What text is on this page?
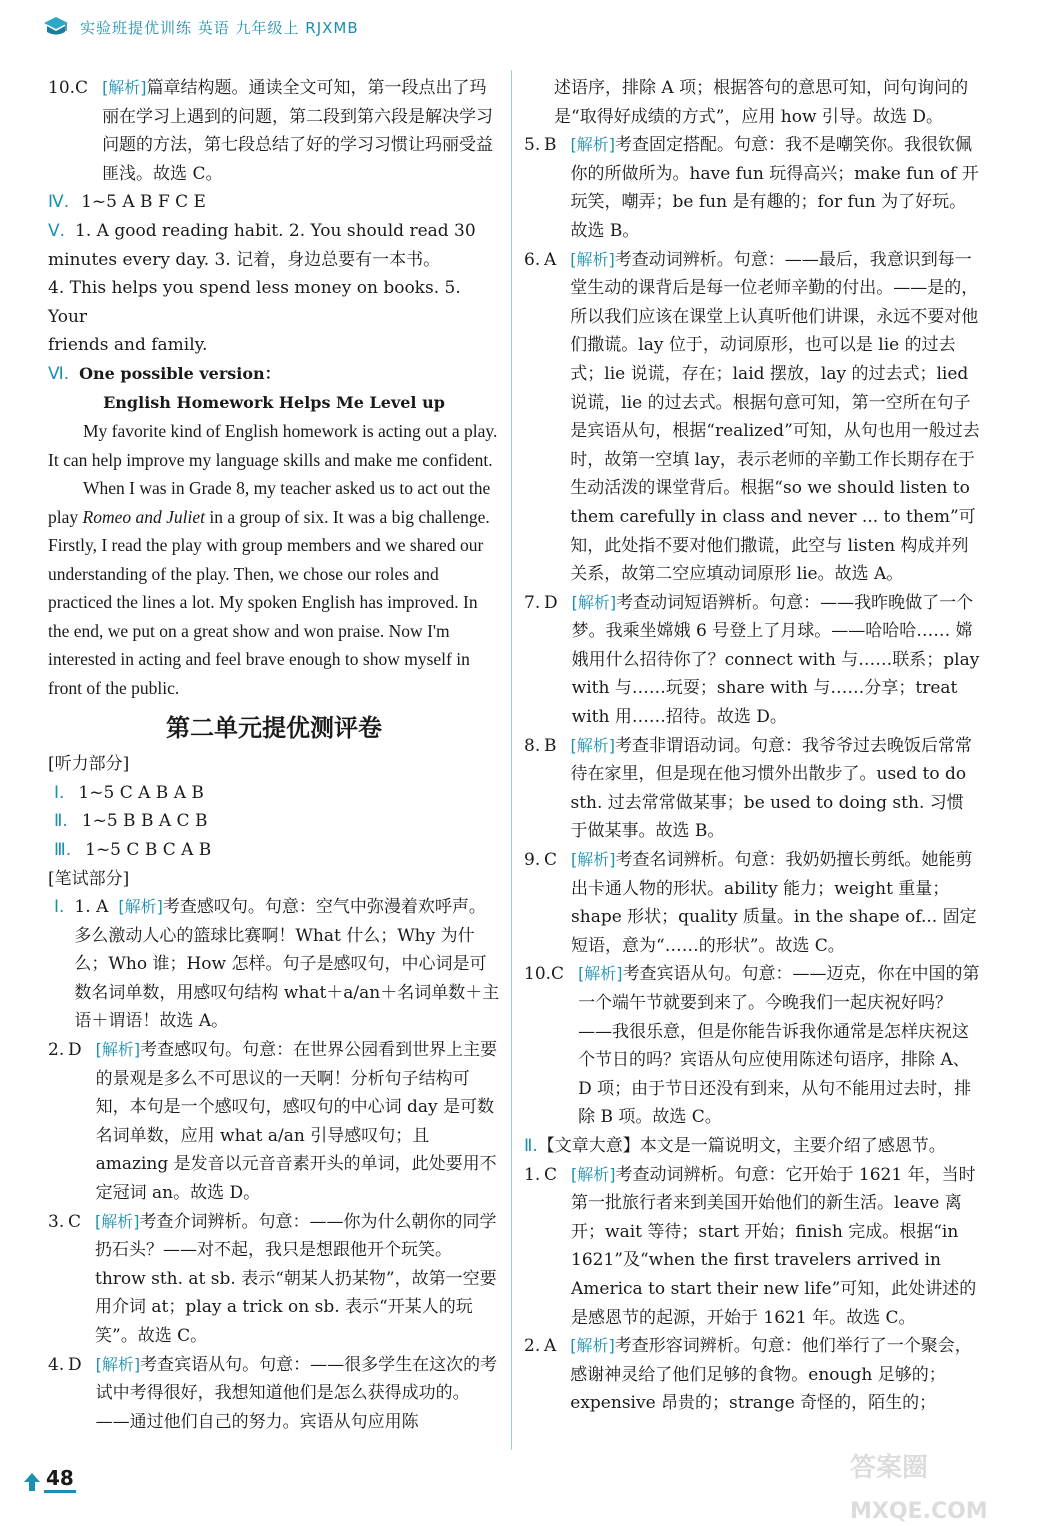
实验班提优训练 英语 九年级上 RJXMB
10. C [解析]篇章结构题。通读全文可知，第一段点出了玛丽在学习上遇到的问题，第二段到第六段是解决学习问题的方法，第七段总结了好的学习习惯让玛丽受益匪浅。故选 C。
Ⅳ. 1~5 A B F C E
Ⅴ. 1. A good reading habit. 2. You should read 30
minutes every day. 3. 记着，身边总要有一本书。
4. This helps you spend less money on books. 5. Your
friends and family.
Ⅵ. One possible version：
English Homework Helps Me Level up

My favorite kind of English homework is acting out a play. It can help improve my language skills and make me confident.

When I was in Grade 8, my teacher asked us to act out the play Romeo and Juliet in a group of six. It was a big challenge. Firstly, I read the play with group members and we shared our understanding of the play. Then, we chose our roles and practiced the lines a lot. My spoken English has improved. In the end, we put on a great show and won praise. Now I'm interested in acting and feel brave enough to show myself in front of the public.

第二单元提优测评卷
[听力部分]
Ⅰ. 1~5 C A B A B
Ⅱ. 1~5 B B A C B
Ⅲ. 1~5 C B C A B
[笔试部分]
Ⅰ. 1. A [解析]考查感叹句。句意：空气中弥漫着欢呼声。多么激动人心的篮球比赛啊！What 什么；Why 为什么；Who 谁；How 怎样。句子是感叹句，中心词是可数名词单数，用感叹句结构 what＋a/an＋名词单数＋主语＋谓语！故选 A。
2. D [解析]考查感叹句。句意：在世界公园看到世界上主要的景观是多么不可思议的一天啊！分析句子结构可知，本句是一个感叹句，感叹句的中心词 day 是可数名词单数，应用 what a/an 引导感叹句；且 amazing 是发音以元音音素开头的单词，此处要用不定冠词 an。故选 D。
3. C [解析]考查介词辨析。句意：——你为什么朝你的同学扔石头？——对不起，我只是想跟他开个玩笑。throw sth. at sb. 表示“朝某人扔某物”，故第一空要用介词 at；play a trick on sb. 表示“开某人的玩笑”。故选 C。
4. D [解析]考查宾语从句。句意：——很多学生在这次的考试中考得很好，我想知道他们是怎么获得成功的。——通过他们自己的努力。宾语从句应用陈
述语序，排除 A 项；根据答句的意思可知，问句询问的是“取得好成绩的方式”，应用 how 引导。故选 D。
5. B [解析]考查固定搭配。句意：我不是嘲笑你。我很钦佩你的所做所为。have fun 玩得高兴；make fun of 开玩笑，嘲弄；be fun 是有趣的；for fun 为了好玩。故选 B。
6. A [解析]考查动词辨析。句意：——最后，我意识到每一堂生动的课背后是每一位老师辛勤的付出。——是的，所以我们应该在课堂上认真听他们讲课，永远不要对他们撒谎。lay 位于，动词原形，也可以是 lie 的过去式；lie 说谎，存在；laid 摆放，lay 的过去式；lied 说谎，lie 的过去式。根据句意可知，第一空所在句子是宾语从句，根据“realized”可知，从句也用一般过去时，故第一空填 lay，表示老师的辛勤工作长期存在于生动活泼的课堂背后。根据“so we should listen to them carefully in class and never ... to them”可知，此处指不要对他们撒谎，此空与 listen 构成并列关系，故第二空应填动词原形 lie。故选 A。
7. D [解析]考查动词短语辨析。句意：——我昨晚做了一个梦。我乘坐嫦娥 6 号登上了月球。——哈哈哈…… 嫦娥用什么招待你了？connect with 与……联系；play with 与……玩耍；share with 与……分享；treat with 用……招待。故选 D。
8. B [解析]考查非谓语动词。句意：我爷爷过去晚饭后常常待在家里，但是现在他习惯外出散步了。used to do sth. 过去常常做某事；be used to doing sth. 习惯于做某事。故选 B。
9. C [解析]考查名词辨析。句意：我奶奶擅长剪纸。她能剪出卡通人物的形状。ability 能力；weight 重量；shape 形状；quality 质量。in the shape of... 固定短语，意为“……的形状”。故选 C。
10. C [解析]考查宾语从句。句意：——迈克，你在中国的第一个端午节就要到来了。今晚我们一起庆祝好吗？——我很乐意，但是你能告诉我你通常是怎样庆祝这个节日的吗？宾语从句应使用陈述句语序，排除 A、D 项；由于节日还没有到来，从句不能用过去时，排除 B 项。故选 C。
Ⅱ.【文章大意】本文是一篇说明文，主要介绍了感恩节。
1. C [解析]考查动词辨析。句意：它开始于 1621 年，当时第一批旅行者来到美国开始他们的新生活。leave 离开；wait 等待；start 开始；finish 完成。根据“in 1621”及“when the first travelers arrived in America to start their new life”可知，此处讲述的是感恩节的起源，开始于 1621 年。故选 C。
2. A [解析]考查形容词辨析。句意：他们举行了一个聚会，感谢神灵给了他们足够的食物。enough 足够的；expensive 昂贵的；strange 奇怪的，陌生的；
48	答案圈
MXQE.COM
